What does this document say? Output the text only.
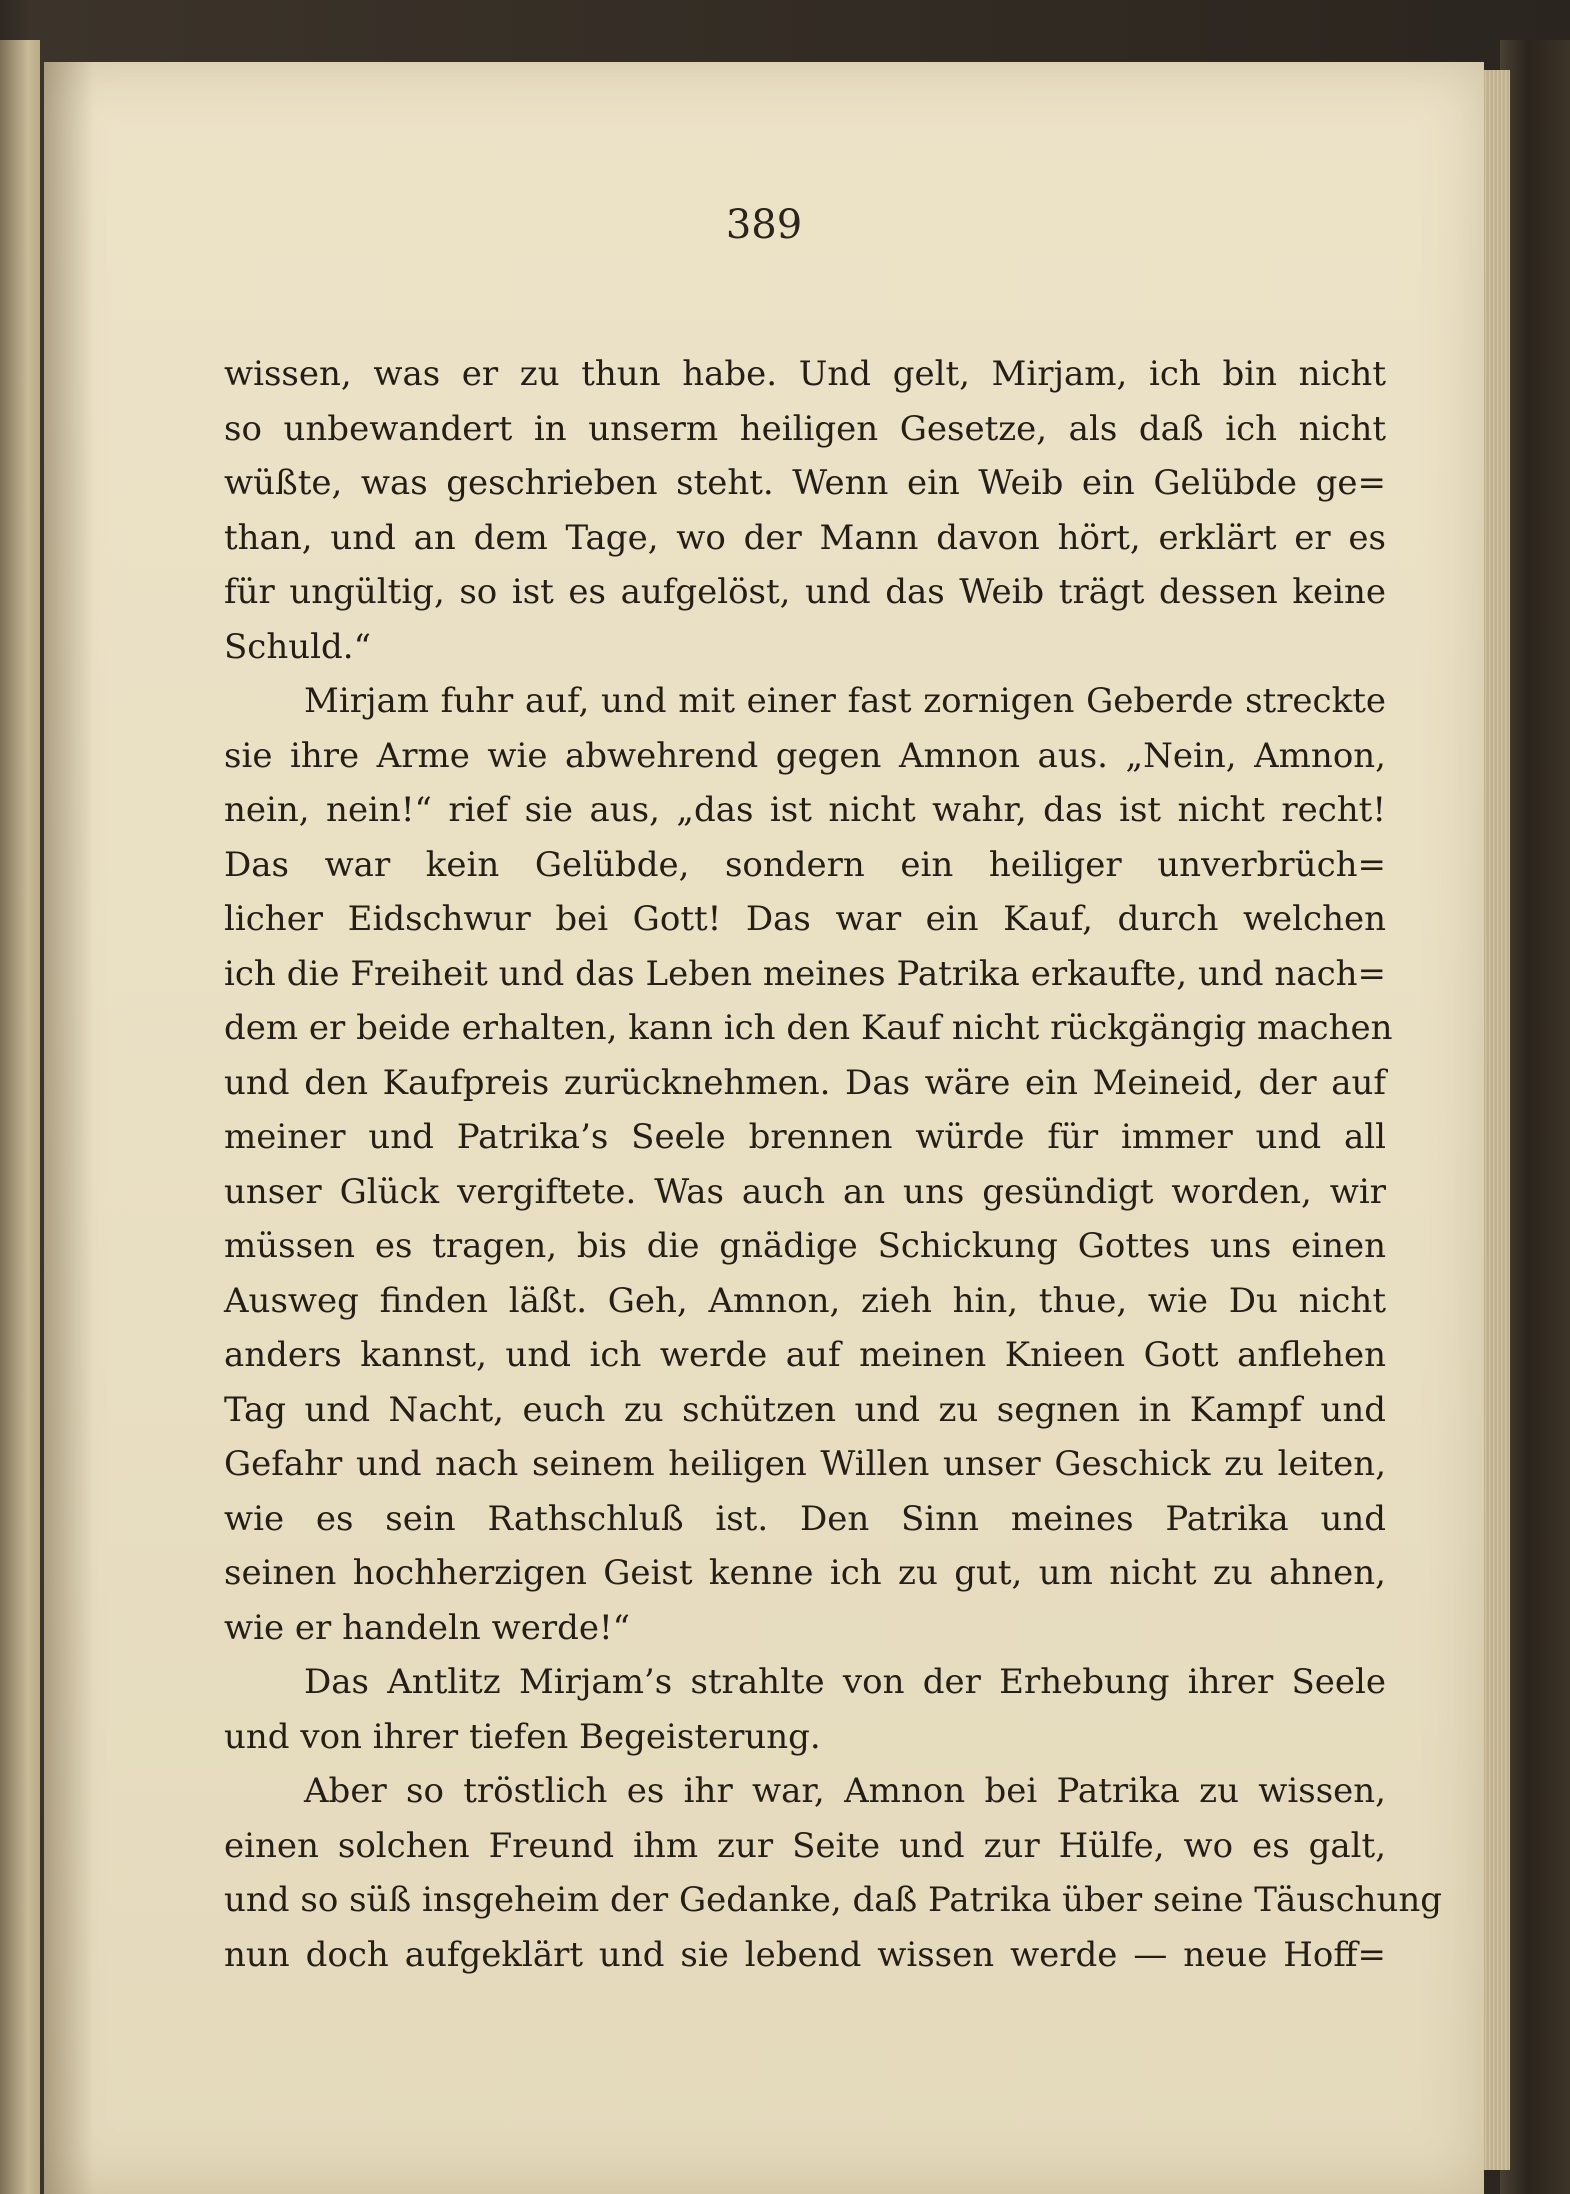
389
wissen, was er zu thun habe. Und gelt, Mirjam, ich bin nicht
so unbewandert in unserm heiligen Gesetze, als daß ich nicht
wüßte, was geschrieben steht. Wenn ein Weib ein Gelübde ge=
than, und an dem Tage, wo der Mann davon hört, erklärt er es
für ungültig, so ist es aufgelöst, und das Weib trägt dessen keine
Schuld.“
Mirjam fuhr auf, und mit einer fast zornigen Geberde streckte
sie ihre Arme wie abwehrend gegen Amnon aus. „Nein, Amnon,
nein, nein!“ rief sie aus, „das ist nicht wahr, das ist nicht recht!
Das war kein Gelübde, sondern ein heiliger unverbrüch=
licher Eidschwur bei Gott! Das war ein Kauf, durch welchen
ich die Freiheit und das Leben meines Patrika erkaufte, und nach=
dem er beide erhalten, kann ich den Kauf nicht rückgängig machen
und den Kaufpreis zurücknehmen. Das wäre ein Meineid, der auf
meiner und Patrika’s Seele brennen würde für immer und all
unser Glück vergiftete. Was auch an uns gesündigt worden, wir
müssen es tragen, bis die gnädige Schickung Gottes uns einen
Ausweg finden läßt. Geh, Amnon, zieh hin, thue, wie Du nicht
anders kannst, und ich werde auf meinen Knieen Gott anflehen
Tag und Nacht, euch zu schützen und zu segnen in Kampf und
Gefahr und nach seinem heiligen Willen unser Geschick zu leiten,
wie es sein Rathschluß ist. Den Sinn meines Patrika und
seinen hochherzigen Geist kenne ich zu gut, um nicht zu ahnen,
wie er handeln werde!“
Das Antlitz Mirjam’s strahlte von der Erhebung ihrer Seele
und von ihrer tiefen Begeisterung.
Aber so tröstlich es ihr war, Amnon bei Patrika zu wissen,
einen solchen Freund ihm zur Seite und zur Hülfe, wo es galt,
und so süß insgeheim der Gedanke, daß Patrika über seine Täuschung
nun doch aufgeklärt und sie lebend wissen werde — neue Hoff=
